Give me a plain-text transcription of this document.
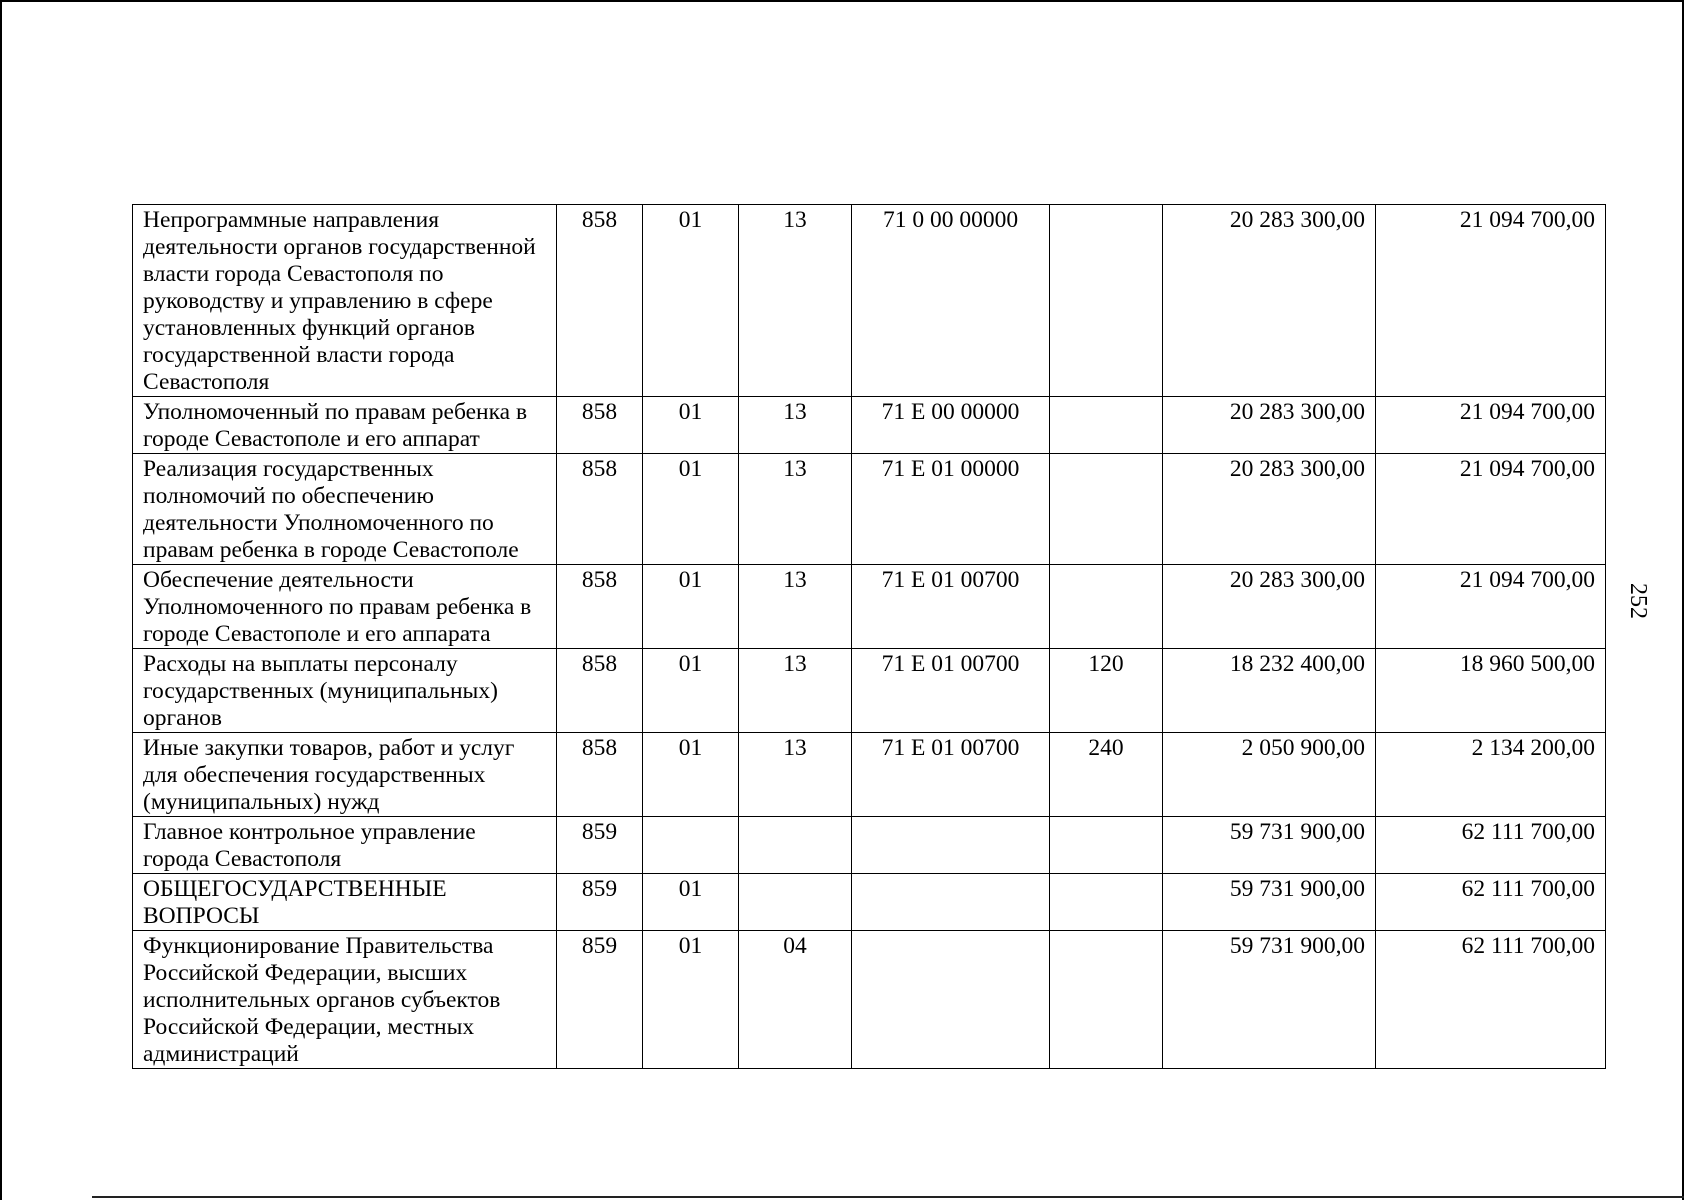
Непрограммные направления деятельности органов государственной власти города Севастополя по руководству и управлению в сфере установленных функций органов государственной власти города Севастополя	858	01	13	71 0 00 00000		20 283 300,00	21 094 700,00
Уполномоченный по правам ребенка в городе Севастополе и его аппарат	858	01	13	71 Е 00 00000		20 283 300,00	21 094 700,00
Реализация государственных полномочий по обеспечению деятельности Уполномоченного по правам ребенка в городе Севастополе	858	01	13	71 Е 01 00000		20 283 300,00	21 094 700,00
Обеспечение деятельности Уполномоченного по правам ребенка в городе Севастополе и его аппарата	858	01	13	71 Е 01 00700		20 283 300,00	21 094 700,00
Расходы на выплаты персоналу государственных (муниципальных) органов	858	01	13	71 Е 01 00700	120	18 232 400,00	18 960 500,00
Иные закупки товаров, работ и услуг для обеспечения государственных (муниципальных) нужд	858	01	13	71 Е 01 00700	240	2 050 900,00	2 134 200,00
Главное контрольное управление города Севастополя	859					59 731 900,00	62 111 700,00
ОБЩЕГОСУДАРСТВЕННЫЕ ВОПРОСЫ	859	01				59 731 900,00	62 111 700,00
Функционирование Правительства Российской Федерации, высших исполнительных органов субъектов Российской Федерации, местных администраций	859	01	04			59 731 900,00	62 111 700,00
252
